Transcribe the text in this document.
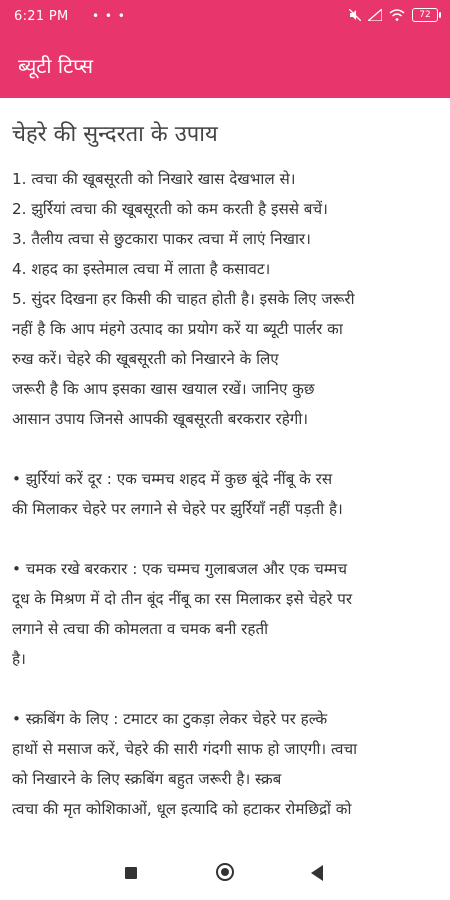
6:21 PM • • •	72
ब्यूटी टिप्स
चेहरे की सुन्दरता के उपाय
1. त्वचा की खूबसूरती को निखारे खास देखभाल से।
2. झुर्रियां त्वचा की खूबसूरती को कम करती है इससे बचें।
3. तैलीय त्वचा से छुटकारा पाकर त्वचा में लाएं निखार।
4. शहद का इस्तेमाल त्वचा में लाता है कसावट।
5. सुंदर दिखना हर किसी की चाहत होती है। इसके लिए जरूरी
नहीं है कि आप मंहगे उत्पाद का प्रयोग करें या ब्यूटी पार्लर का
रुख करें। चेहरे की खूबसूरती को निखारने के लिए
जरूरी है कि आप इसका खास खयाल रखें। जानिए कुछ
आसान उपाय जिनसे आपकी खूबसूरती बरकरार रहेगी।
• झुर्रियां करें दूर : एक चम्मच शहद में कुछ बूंदे नींबू के रस
की मिलाकर चेहरे पर लगाने से चेहरे पर झुर्रियाँ नहीं पड़ती है।
• चमक रखे बरकरार : एक चम्मच गुलाबजल और एक चम्मच
दूध के मिश्रण में दो तीन बूंद नींबू का रस मिलाकर इसे चेहरे पर
लगाने से त्वचा की कोमलता व चमक बनी रहती
है।
• स्क्रबिंग के लिए : टमाटर का टुकड़ा लेकर चेहरे पर हल्के
हाथों से मसाज करें, चेहरे की सारी गंदगी साफ हो जाएगी। त्वचा
को निखारने के लिए स्क्रबिंग बहुत जरूरी है। स्क्रब
त्वचा की मृत कोशिकाओं, धूल इत्यादि को हटाकर रोमछिद्रों को
